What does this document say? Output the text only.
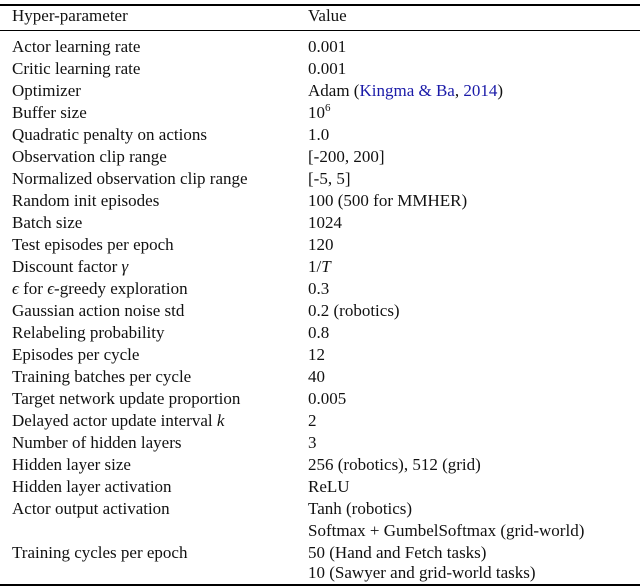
Hyper-parameter	Value
Actor learning rate	0.001
Critic learning rate	0.001
Optimizer	Adam (Kingma & Ba, 2014)
Buffer size	$10^6$
Quadratic penalty on actions	1.0
Observation clip range	[-200, 200]
Normalized observation clip range	[-5, 5]
Random init episodes	100 (500 for MMHER)
Batch size	1024
Test episodes per epoch	120
Discount factor γ	1/T
ϵ for ϵ-greedy exploration	0.3
Gaussian action noise std	0.2 (robotics)
Relabeling probability	0.8
Episodes per cycle	12
Training batches per cycle	40
Target network update proportion	0.005
Delayed actor update interval k	2
Number of hidden layers	3
Hidden layer size	256 (robotics), 512 (grid)
Hidden layer activation	ReLU
Actor output activation	Tanh (robotics)
Softmax + GumbelSoftmax (grid-world)
Training cycles per epoch	50 (Hand and Fetch tasks)
10 (Sawyer and grid-world tasks)
